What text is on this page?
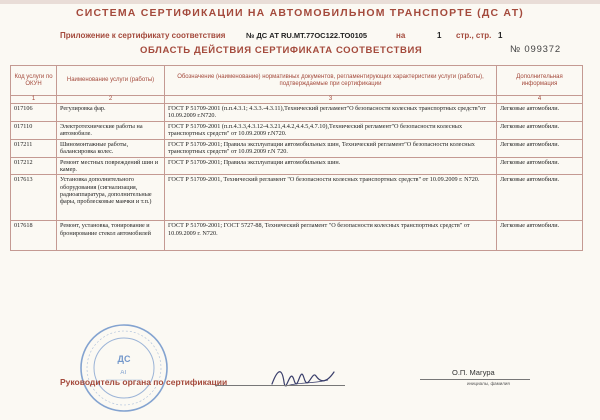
СИСТЕМА СЕРТИФИКАЦИИ НА АВТОМОБИЛЬНОМ ТРАНСПОРТЕ (ДС АТ)
Приложение к сертификату соответствия	№ ДС АТ RU.МТ.77ОС122.ТО0105	на	1 стр., стр. 1
ОБЛАСТЬ ДЕЙСТВИЯ СЕРТИФИКАТА СООТВЕТСТВИЯ	№ 099372
Код услуги по ОКУН	Наименование услуги (работы)	Обозначение (наименование) нормативных документов, регламентирующих характеристики услуги (работы), подтверждаемые при сертификации	Дополнительная информация
1	2	3	4
017106	Регулировка фар.	ГОСТ Р 51709-2001 (п.п.4.3.1; 4.3.3.-4.3.11),Технический регламент"О безопасности колесных транспортных средств"от 10.09.2009 г.N720.	Легковые автомобили.
017110	Электротехнические работы на автомобиле.	ГОСТ Р 51709-2001 (п.п.4.3.3,4.3.12-4.3.21,4.4.2,4.4.5,4.7.10),Технический регламент"О безопасности колесных транспортных средств" от 10.09.2009 г.N720.	Легковые автомобили.
017211	Шиномонтажные работы, балансировка колес.	ГОСТ Р 51709-2001; Правила эксплуатации автомобильных шин, Технический регламент"О безопасности колесных транспортных средств" от 10.09.2009 г.N 720.	Легковые автомобили.
017212	Ремонт местных повреждений шин и камер.	ГОСТ Р 51709-2001; Правила эксплуатации автомобильных шин.	Легковые автомобили.
017613	Установка дополнительного оборудования (сигнализация, радиоаппаратура, дополнительные фары, проблесковые маячки и т.п.)	ГОСТ Р 51709-2001, Технический регламент "О безопасности колесных транспортных средств" от 10.09.2009 г. N720.	Легковые автомобили.
017618	Ремонт, установка, тонирование и бронирование стекол автомобилей	ГОСТ Р 51709-2001; ГОСТ 5727-88, Технический регламент "О безопасности колесных транспортных средств" от 10.09.2009 г. N720.	Легковые автомобили.
ДС
АТ
Руководитель органа по сертификации
О.П. Магура
инициалы, фамилия
